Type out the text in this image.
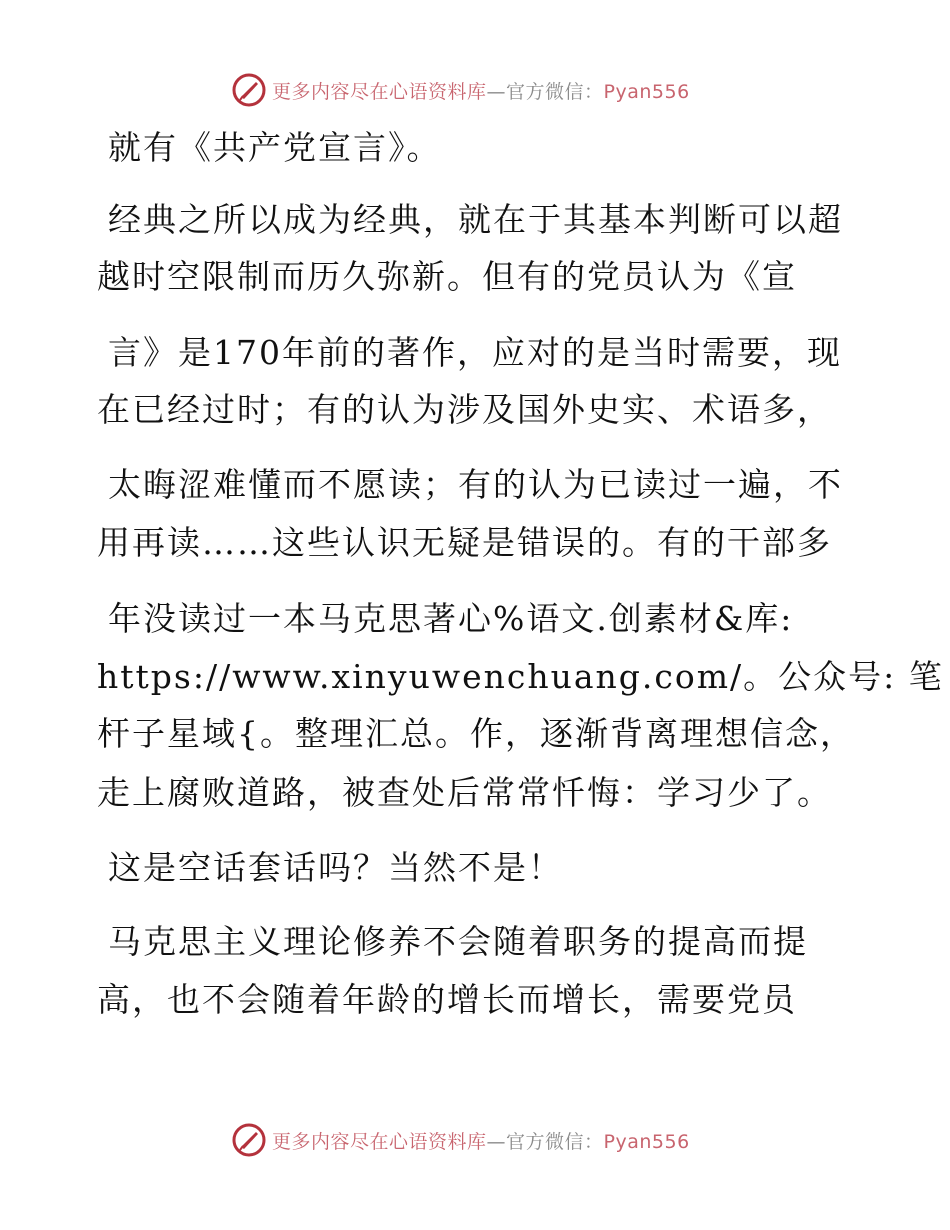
更多内容尽在心语资料库—官方微信：Pyan556
就有《共产党宣言》。
经典之所以成为经典，就在于其基本判断可以超
越时空限制而历久弥新。但有的党员认为《宣
言》是170年前的著作，应对的是当时需要，现
在已经过时；有的认为涉及国外史实、术语多，
太晦涩难懂而不愿读；有的认为已读过一遍，不
用再读……这些认识无疑是错误的。有的干部多
年没读过一本马克思著心%语文.创素材&库:
https://www.xinyuwenchuang.com/。公众号: 笔
杆子星域{。整理汇总。作，逐渐背离理想信念，
走上腐败道路，被查处后常常忏悔：学习少了。
这是空话套话吗？当然不是！
马克思主义理论修养不会随着职务的提高而提
高，也不会随着年龄的增长而增长，需要党员
更多内容尽在心语资料库—官方微信：Pyan556
